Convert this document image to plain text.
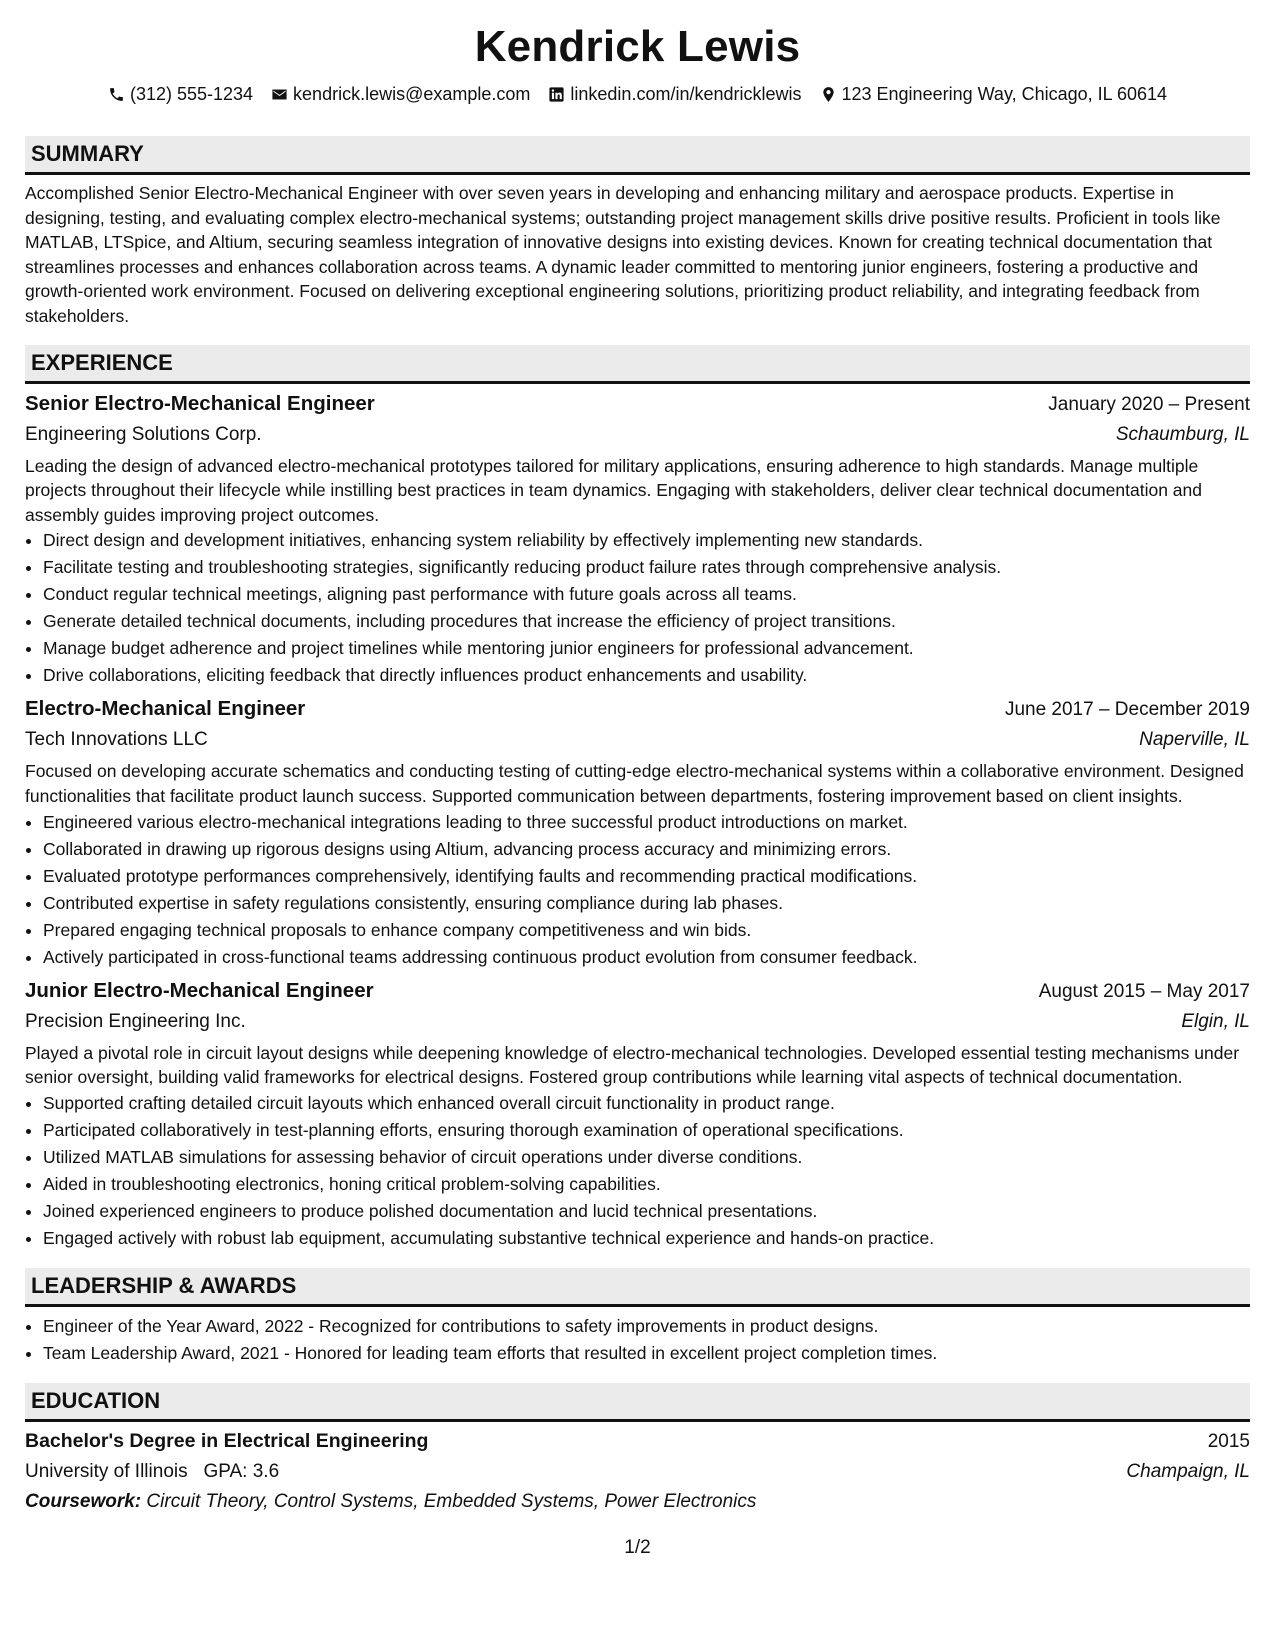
Kendrick Lewis
(312) 555-1234 kendrick.lewis@example.com linkedin.com/in/kendricklewis 123 Engineering Way, Chicago, IL 60614
SUMMARY

Accomplished Senior Electro-Mechanical Engineer with over seven years in developing and enhancing military and aerospace products. Expertise in designing, testing, and evaluating complex electro-mechanical systems; outstanding project management skills drive positive results. Proficient in tools like MATLAB, LTSpice, and Altium, securing seamless integration of innovative designs into existing devices. Known for creating technical documentation that streamlines processes and enhances collaboration across teams. A dynamic leader committed to mentoring junior engineers, fostering a productive and growth-oriented work environment. Focused on delivering exceptional engineering solutions, prioritizing product reliability, and integrating feedback from stakeholders.

EXPERIENCE
Senior Electro-Mechanical Engineer	January 2020 – Present
Engineering Solutions Corp.	Schaumburg, IL

Leading the design of advanced electro-mechanical prototypes tailored for military applications, ensuring adherence to high standards. Manage multiple projects throughout their lifecycle while instilling best practices in team dynamics. Engaging with stakeholders, deliver clear technical documentation and assembly guides improving project outcomes.

• Direct design and development initiatives, enhancing system reliability by effectively implementing new standards.
• Facilitate testing and troubleshooting strategies, significantly reducing product failure rates through comprehensive analysis.
• Conduct regular technical meetings, aligning past performance with future goals across all teams.
• Generate detailed technical documents, including procedures that increase the efficiency of project transitions.
• Manage budget adherence and project timelines while mentoring junior engineers for professional advancement.
• Drive collaborations, eliciting feedback that directly influences product enhancements and usability.
Electro-Mechanical Engineer	June 2017 – December 2019
Tech Innovations LLC	Naperville, IL

Focused on developing accurate schematics and conducting testing of cutting-edge electro-mechanical systems within a collaborative environment. Designed functionalities that facilitate product launch success. Supported communication between departments, fostering improvement based on client insights.

• Engineered various electro-mechanical integrations leading to three successful product introductions on market.
• Collaborated in drawing up rigorous designs using Altium, advancing process accuracy and minimizing errors.
• Evaluated prototype performances comprehensively, identifying faults and recommending practical modifications.
• Contributed expertise in safety regulations consistently, ensuring compliance during lab phases.
• Prepared engaging technical proposals to enhance company competitiveness and win bids.
• Actively participated in cross-functional teams addressing continuous product evolution from consumer feedback.
Junior Electro-Mechanical Engineer	August 2015 – May 2017
Precision Engineering Inc.	Elgin, IL

Played a pivotal role in circuit layout designs while deepening knowledge of electro-mechanical technologies. Developed essential testing mechanisms under senior oversight, building valid frameworks for electrical designs. Fostered group contributions while learning vital aspects of technical documentation.

• Supported crafting detailed circuit layouts which enhanced overall circuit functionality in product range.
• Participated collaboratively in test-planning efforts, ensuring thorough examination of operational specifications.
• Utilized MATLAB simulations for assessing behavior of circuit operations under diverse conditions.
• Aided in troubleshooting electronics, honing critical problem-solving capabilities.
• Joined experienced engineers to produce polished documentation and lucid technical presentations.
• Engaged actively with robust lab equipment, accumulating substantive technical experience and hands-on practice.
LEADERSHIP & AWARDS
• Engineer of the Year Award, 2022 - Recognized for contributions to safety improvements in product designs.
• Team Leadership Award, 2021 - Honored for leading team efforts that resulted in excellent project completion times.
EDUCATION
Bachelor's Degree in Electrical Engineering	2015
University of Illinois GPA: 3.6	Champaign, IL
Coursework: Circuit Theory, Control Systems, Embedded Systems, Power Electronics
1/2
